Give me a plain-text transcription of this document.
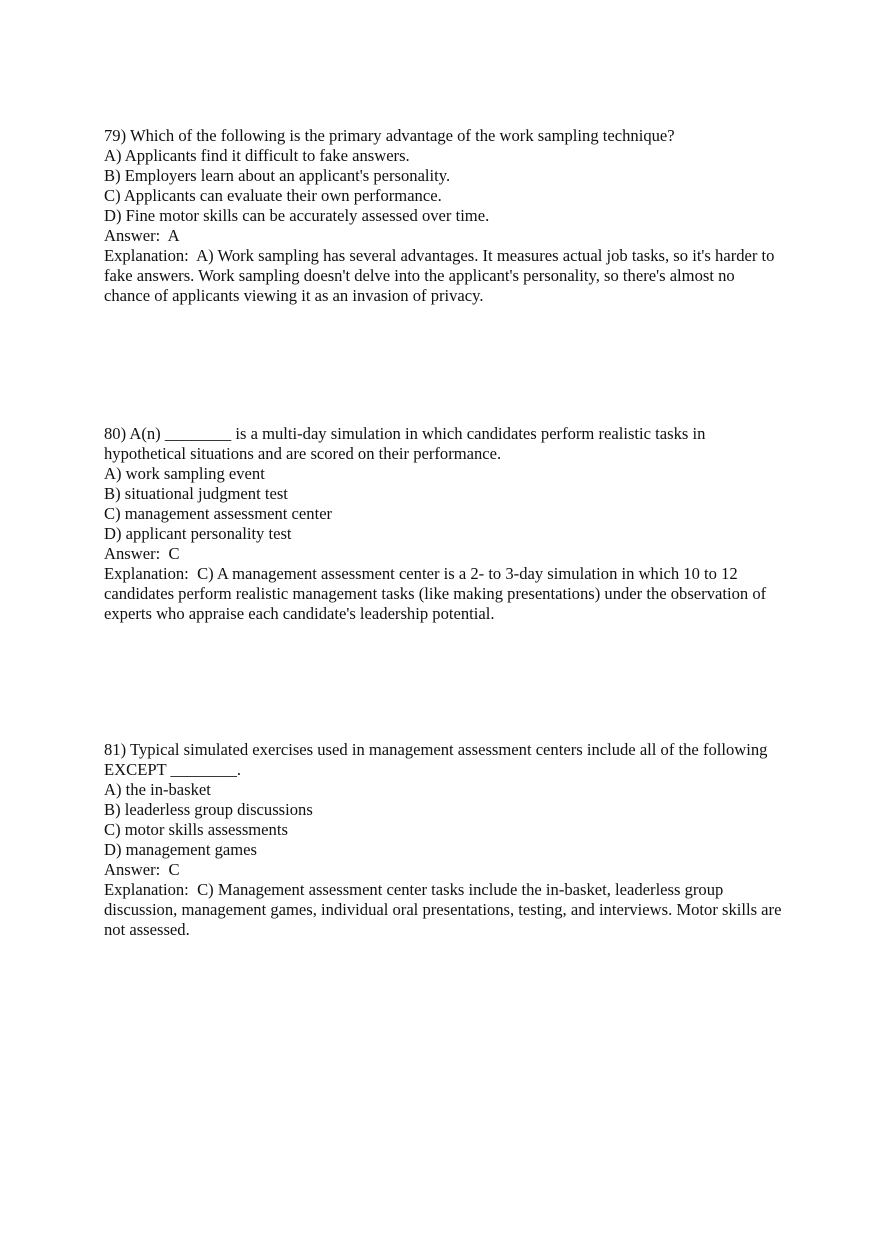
79) Which of the following is the primary advantage of the work sampling technique?

A) Applicants find it difficult to fake answers.

B) Employers learn about an applicant's personality.

C) Applicants can evaluate their own performance.

D) Fine motor skills can be accurately assessed over time.

Answer:  A

Explanation:  A) Work sampling has several advantages. It measures actual job tasks, so it's harder to fake answers. Work sampling doesn't delve into the applicant's personality, so there's almost no chance of applicants viewing it as an invasion of privacy.

80) A(n) ________ is a multi-day simulation in which candidates perform realistic tasks in hypothetical situations and are scored on their performance.

A) work sampling event

B) situational judgment test

C) management assessment center

D) applicant personality test

Answer:  C

Explanation:  C) A management assessment center is a 2- to 3-day simulation in which 10 to 12 candidates perform realistic management tasks (like making presentations) under the observation of experts who appraise each candidate's leadership potential.

81) Typical simulated exercises used in management assessment centers include all of the following EXCEPT ________.

A) the in-basket

B) leaderless group discussions

C) motor skills assessments

D) management games

Answer:  C

Explanation:  C) Management assessment center tasks include the in-basket, leaderless group discussion, management games, individual oral presentations, testing, and interviews. Motor skills are not assessed.
